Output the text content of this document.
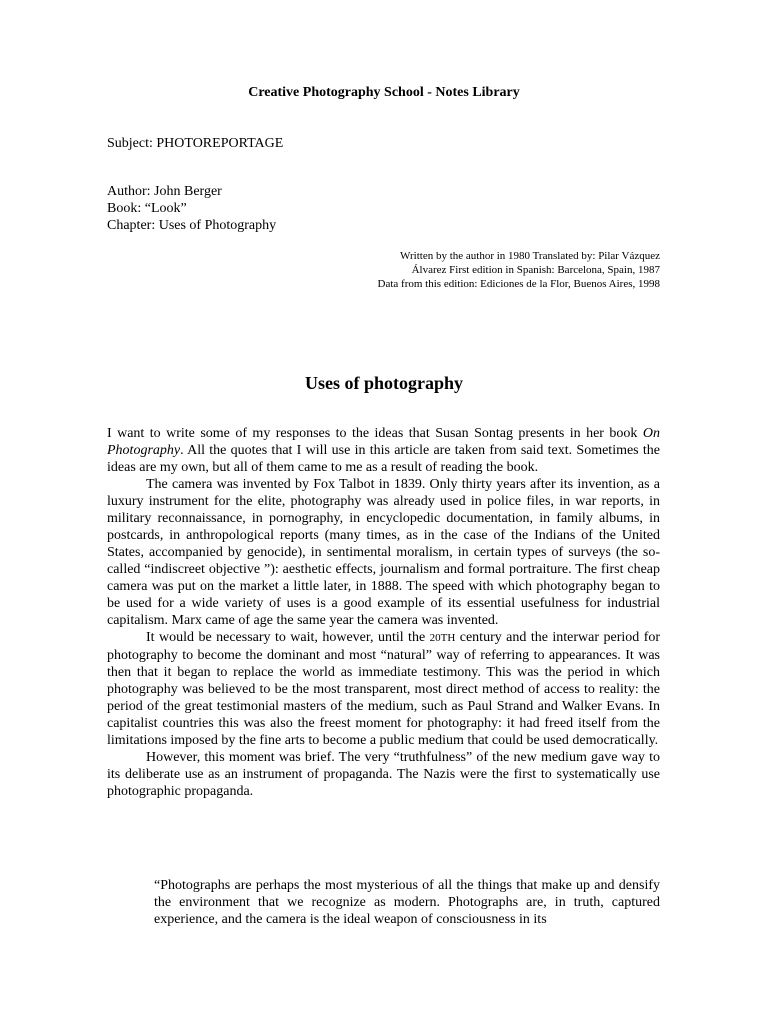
Creative Photography School - Notes Library
Subject: PHOTOREPORTAGE
Author: John Berger
Book: “Look”
Chapter: Uses of Photography
Written by the author in 1980 Translated by: Pilar Vázquez
Álvarez First edition in Spanish: Barcelona, Spain, 1987
Data from this edition: Ediciones de la Flor, Buenos Aires, 1998
Uses of photography

I want to write some of my responses to the ideas that Susan Sontag presents in her book On Photography. All the quotes that I will use in this article are taken from said text. Sometimes the ideas are my own, but all of them came to me as a result of reading the book.

The camera was invented by Fox Talbot in 1839. Only thirty years after its invention, as a luxury instrument for the elite, photography was already used in police files, in war reports, in military reconnaissance, in pornography, in encyclopedic documentation, in family albums, in postcards, in anthropological reports (many times, as in the case of the Indians of the United States, accompanied by genocide), in sentimental moralism, in certain types of surveys (the so-called “indiscreet objective ”): aesthetic effects, journalism and formal portraiture. The first cheap camera was put on the market a little later, in 1888. The speed with which photography began to be used for a wide variety of uses is a good example of its essential usefulness for industrial capitalism. Marx came of age the same year the camera was invented.

It would be necessary to wait, however, until the 20TH century and the interwar period for photography to become the dominant and most “natural” way of referring to appearances. It was then that it began to replace the world as immediate testimony. This was the period in which photography was believed to be the most transparent, most direct method of access to reality: the period of the great testimonial masters of the medium, such as Paul Strand and Walker Evans. In capitalist countries this was also the freest moment for photography: it had freed itself from the limitations imposed by the fine arts to become a public medium that could be used democratically.

However, this moment was brief. The very “truthfulness” of the new medium gave way to its deliberate use as an instrument of propaganda. The Nazis were the first to systematically use photographic propaganda.

“Photographs are perhaps the most mysterious of all the things that make up and densify the environment that we recognize as modern. Photographs are, in truth, captured experience, and the camera is the ideal weapon of consciousness in its
